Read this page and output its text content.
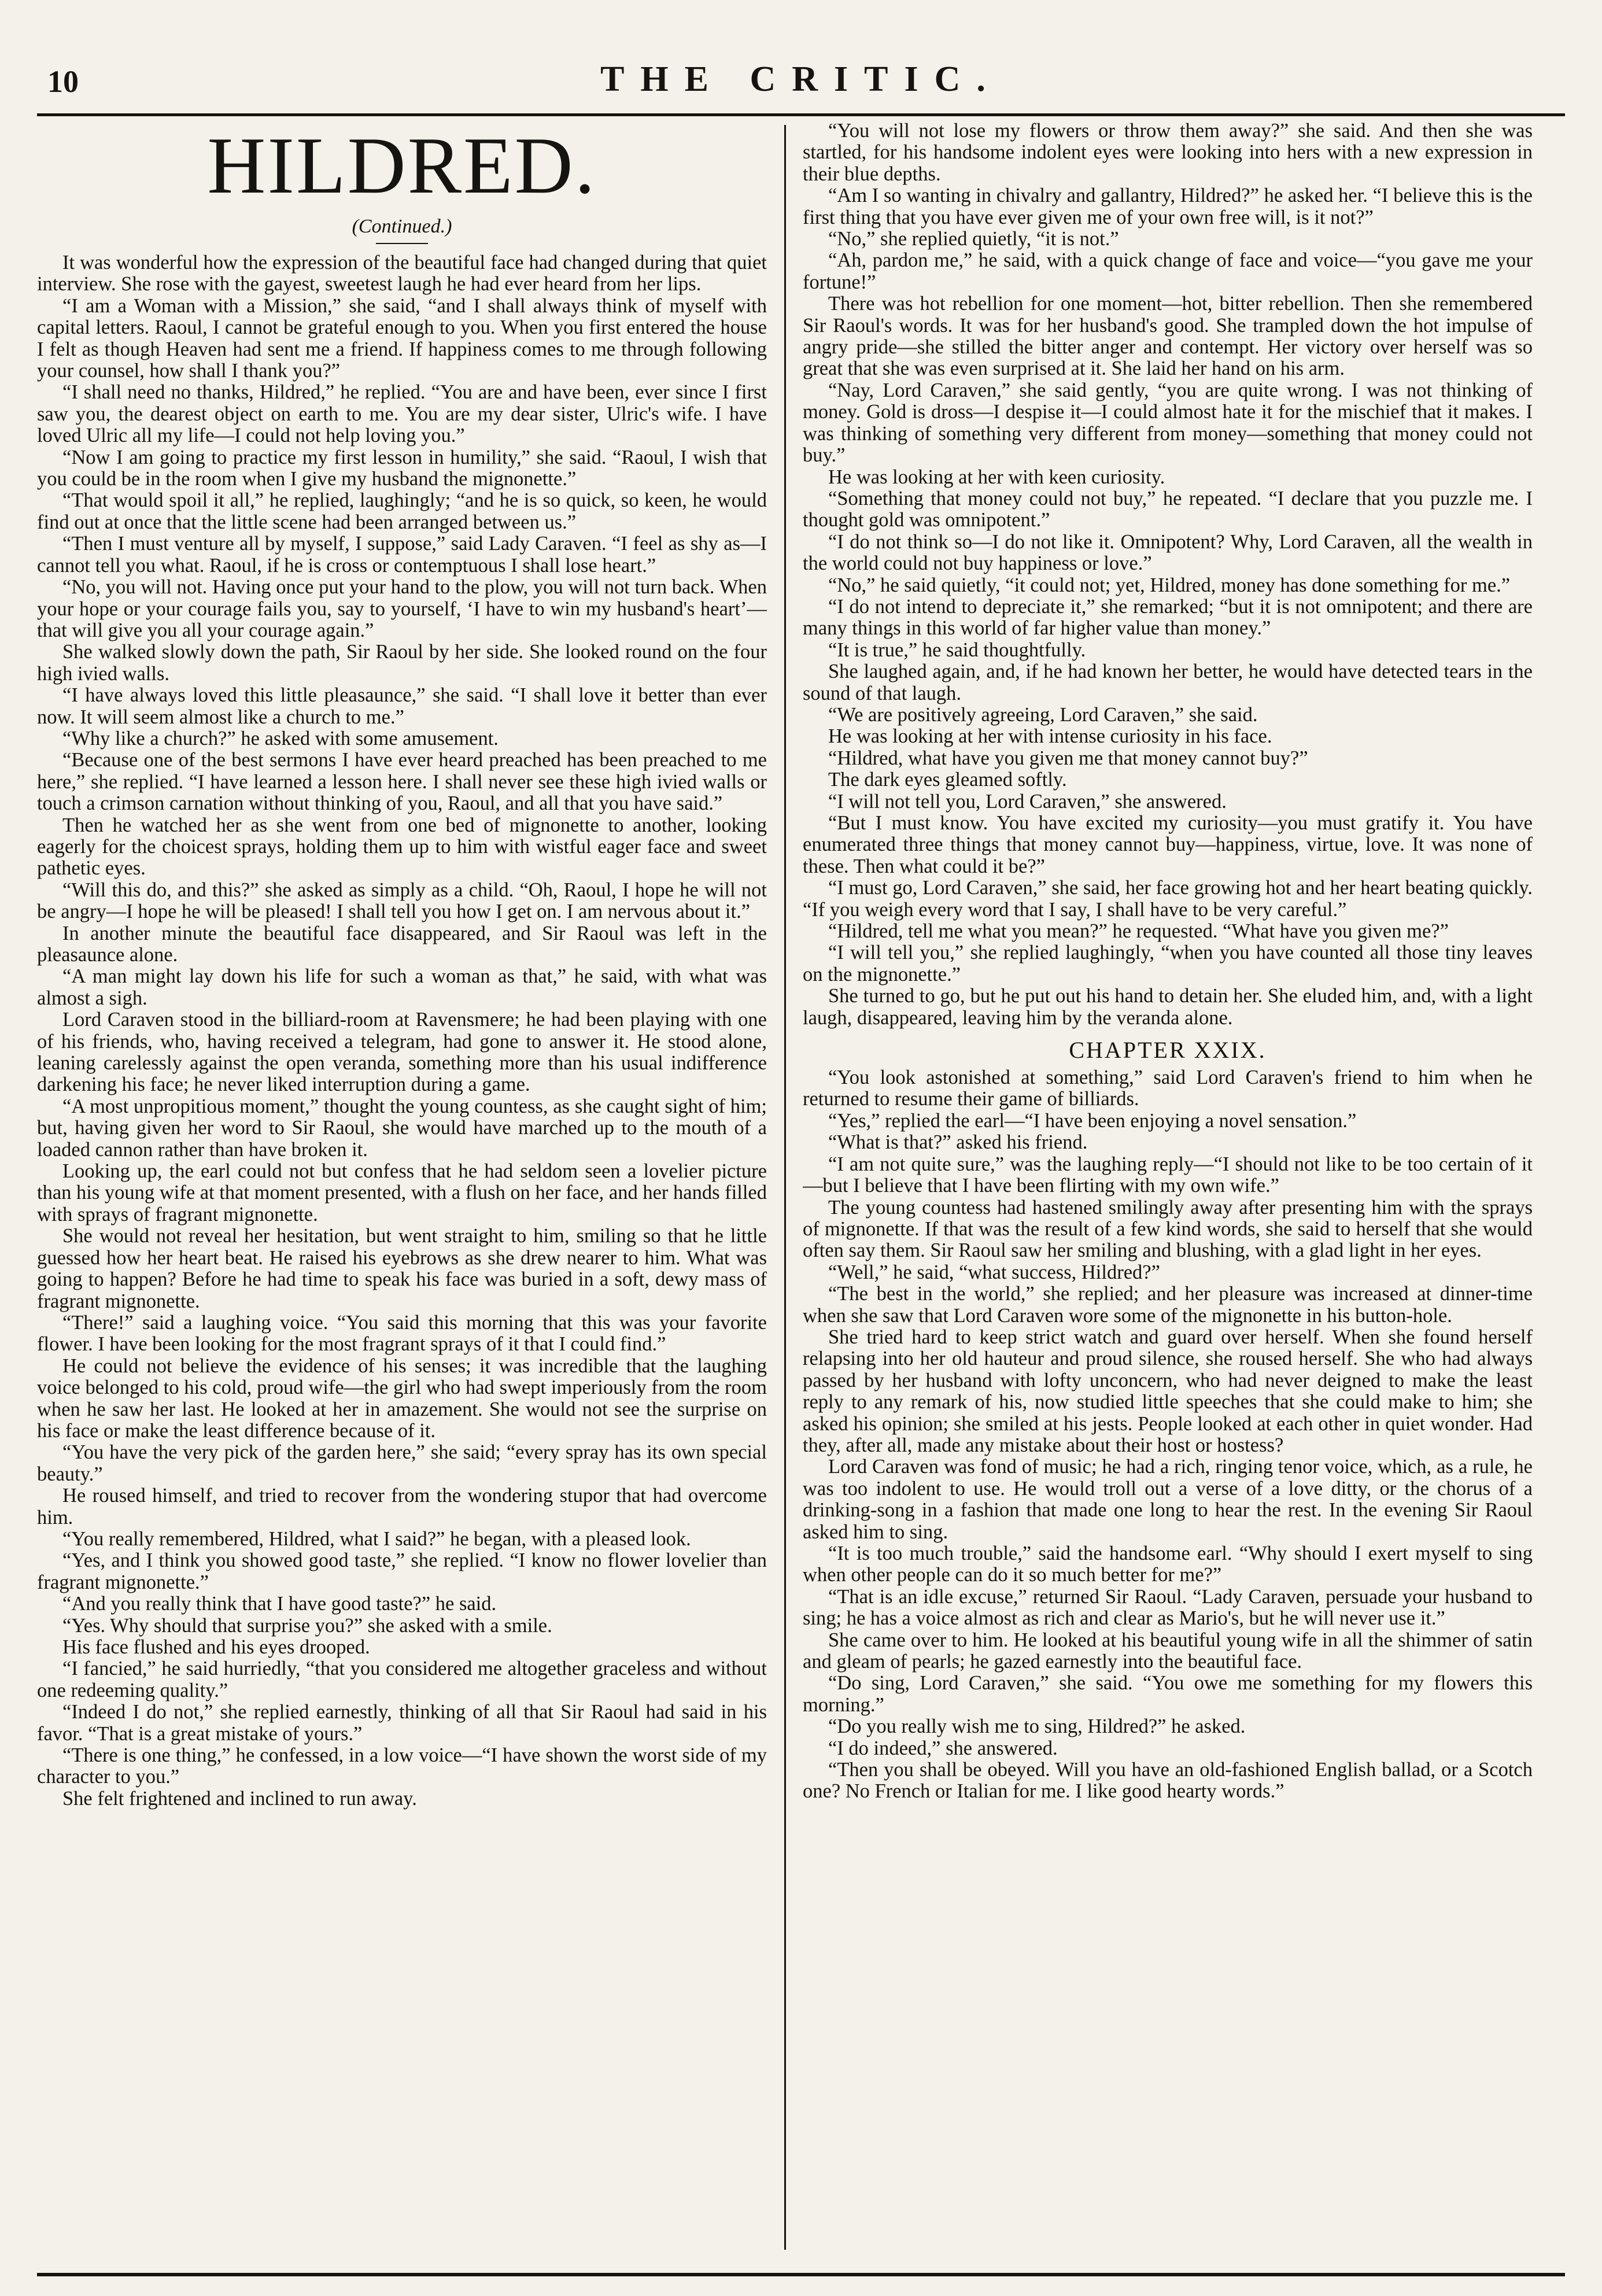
10	THE CRITIC.
HILDRED.
(Continued.)

It was wonderful how the expression of the beautiful face had changed during that quiet interview. She rose with the gayest, sweetest laugh he had ever heard from her lips.

“I am a Woman with a Mission,” she said, “and I shall always think of myself with capital letters. Raoul, I cannot be grateful enough to you. When you first entered the house I felt as though Heaven had sent me a friend. If happiness comes to me through following your counsel, how shall I thank you?”

“I shall need no thanks, Hildred,” he replied. “You are and have been, ever since I first saw you, the dearest object on earth to me. You are my dear sister, Ulric's wife. I have loved Ulric all my life—I could not help loving you.”

“Now I am going to practice my first lesson in humility,” she said. “Raoul, I wish that you could be in the room when I give my husband the mignonette.”

“That would spoil it all,” he replied, laughingly; “and he is so quick, so keen, he would find out at once that the little scene had been arranged between us.”

“Then I must venture all by myself, I suppose,” said Lady Caraven. “I feel as shy as—I cannot tell you what. Raoul, if he is cross or contemptuous I shall lose heart.”

“No, you will not. Having once put your hand to the plow, you will not turn back. When your hope or your courage fails you, say to yourself, ‘I have to win my husband's heart’—that will give you all your courage again.”

She walked slowly down the path, Sir Raoul by her side. She looked round on the four high ivied walls.

“I have always loved this little pleasaunce,” she said. “I shall love it better than ever now. It will seem almost like a church to me.”

“Why like a church?” he asked with some amusement.

“Because one of the best sermons I have ever heard preached has been preached to me here,” she replied. “I have learned a lesson here. I shall never see these high ivied walls or touch a crimson carnation without thinking of you, Raoul, and all that you have said.”

Then he watched her as she went from one bed of mignonette to another, looking eagerly for the choicest sprays, holding them up to him with wistful eager face and sweet pathetic eyes.

“Will this do, and this?” she asked as simply as a child. “Oh, Raoul, I hope he will not be angry—I hope he will be pleased! I shall tell you how I get on. I am nervous about it.”

In another minute the beautiful face disappeared, and Sir Raoul was left in the pleasaunce alone.

“A man might lay down his life for such a woman as that,” he said, with what was almost a sigh.

Lord Caraven stood in the billiard-room at Ravensmere; he had been playing with one of his friends, who, having received a telegram, had gone to answer it. He stood alone, leaning carelessly against the open veranda, something more than his usual indifference darkening his face; he never liked interruption during a game.

“A most unpropitious moment,” thought the young countess, as she caught sight of him; but, having given her word to Sir Raoul, she would have marched up to the mouth of a loaded cannon rather than have broken it.

Looking up, the earl could not but confess that he had seldom seen a lovelier picture than his young wife at that moment presented, with a flush on her face, and her hands filled with sprays of fragrant mignonette.

She would not reveal her hesitation, but went straight to him, smiling so that he little guessed how her heart beat. He raised his eyebrows as she drew nearer to him. What was going to happen? Before he had time to speak his face was buried in a soft, dewy mass of fragrant mignonette.

“There!” said a laughing voice. “You said this morning that this was your favorite flower. I have been looking for the most fragrant sprays of it that I could find.”

He could not believe the evidence of his senses; it was incredible that the laughing voice belonged to his cold, proud wife—the girl who had swept imperiously from the room when he saw her last. He looked at her in amazement. She would not see the surprise on his face or make the least difference because of it.

“You have the very pick of the garden here,” she said; “every spray has its own special beauty.”

He roused himself, and tried to recover from the wondering stupor that had overcome him.

“You really remembered, Hildred, what I said?” he began, with a pleased look.

“Yes, and I think you showed good taste,” she replied. “I know no flower lovelier than fragrant mignonette.”

“And you really think that I have good taste?” he said.

“Yes. Why should that surprise you?” she asked with a smile.

His face flushed and his eyes drooped.

“I fancied,” he said hurriedly, “that you considered me altogether graceless and without one redeeming quality.”

“Indeed I do not,” she replied earnestly, thinking of all that Sir Raoul had said in his favor. “That is a great mistake of yours.”

“There is one thing,” he confessed, in a low voice—“I have shown the worst side of my character to you.”

She felt frightened and inclined to run away.

“You will not lose my flowers or throw them away?” she said. And then she was startled, for his handsome indolent eyes were looking into hers with a new expression in their blue depths.

“Am I so wanting in chivalry and gallantry, Hildred?” he asked her. “I believe this is the first thing that you have ever given me of your own free will, is it not?”

“No,” she replied quietly, “it is not.”

“Ah, pardon me,” he said, with a quick change of face and voice—“you gave me your fortune!”

There was hot rebellion for one moment—hot, bitter rebellion. Then she remembered Sir Raoul's words. It was for her husband's good. She trampled down the hot impulse of angry pride—she stilled the bitter anger and contempt. Her victory over herself was so great that she was even surprised at it. She laid her hand on his arm.

“Nay, Lord Caraven,” she said gently, “you are quite wrong. I was not thinking of money. Gold is dross—I despise it—I could almost hate it for the mischief that it makes. I was thinking of something very different from money—something that money could not buy.”

He was looking at her with keen curiosity.

“Something that money could not buy,” he repeated. “I declare that you puzzle me. I thought gold was omnipotent.”

“I do not think so—I do not like it. Omnipotent? Why, Lord Caraven, all the wealth in the world could not buy happiness or love.”

“No,” he said quietly, “it could not; yet, Hildred, money has done something for me.”

“I do not intend to depreciate it,” she remarked; “but it is not omnipotent; and there are many things in this world of far higher value than money.”

“It is true,” he said thoughtfully.

She laughed again, and, if he had known her better, he would have detected tears in the sound of that laugh.

“We are positively agreeing, Lord Caraven,” she said.

He was looking at her with intense curiosity in his face.

“Hildred, what have you given me that money cannot buy?”

The dark eyes gleamed softly.

“I will not tell you, Lord Caraven,” she answered.

“But I must know. You have excited my curiosity—you must gratify it. You have enumerated three things that money cannot buy—happiness, virtue, love. It was none of these. Then what could it be?”

“I must go, Lord Caraven,” she said, her face growing hot and her heart beating quickly. “If you weigh every word that I say, I shall have to be very careful.”

“Hildred, tell me what you mean?” he requested. “What have you given me?”

“I will tell you,” she replied laughingly, “when you have counted all those tiny leaves on the mignonette.”

She turned to go, but he put out his hand to detain her. She eluded him, and, with a light laugh, disappeared, leaving him by the veranda alone.

CHAPTER XXIX.

“You look astonished at something,” said Lord Caraven's friend to him when he returned to resume their game of billiards.

“Yes,” replied the earl—“I have been enjoying a novel sensation.”

“What is that?” asked his friend.

“I am not quite sure,” was the laughing reply—“I should not like to be too certain of it—but I believe that I have been flirting with my own wife.”

The young countess had hastened smilingly away after presenting him with the sprays of mignonette. If that was the result of a few kind words, she said to herself that she would often say them. Sir Raoul saw her smiling and blushing, with a glad light in her eyes.

“Well,” he said, “what success, Hildred?”

“The best in the world,” she replied; and her pleasure was increased at dinner-time when she saw that Lord Caraven wore some of the mignonette in his button-hole.

She tried hard to keep strict watch and guard over herself. When she found herself relapsing into her old hauteur and proud silence, she roused herself. She who had always passed by her husband with lofty unconcern, who had never deigned to make the least reply to any remark of his, now studied little speeches that she could make to him; she asked his opinion; she smiled at his jests. People looked at each other in quiet wonder. Had they, after all, made any mistake about their host or hostess?

Lord Caraven was fond of music; he had a rich, ringing tenor voice, which, as a rule, he was too indolent to use. He would troll out a verse of a love ditty, or the chorus of a drinking-song in a fashion that made one long to hear the rest. In the evening Sir Raoul asked him to sing.

“It is too much trouble,” said the handsome earl. “Why should I exert myself to sing when other people can do it so much better for me?”

“That is an idle excuse,” returned Sir Raoul. “Lady Caraven, persuade your husband to sing; he has a voice almost as rich and clear as Mario's, but he will never use it.”

She came over to him. He looked at his beautiful young wife in all the shimmer of satin and gleam of pearls; he gazed earnestly into the beautiful face.

“Do sing, Lord Caraven,” she said. “You owe me something for my flowers this morning.”

“Do you really wish me to sing, Hildred?” he asked.

“I do indeed,” she answered.

“Then you shall be obeyed. Will you have an old-fashioned English ballad, or a Scotch one? No French or Italian for me. I like good hearty words.”
